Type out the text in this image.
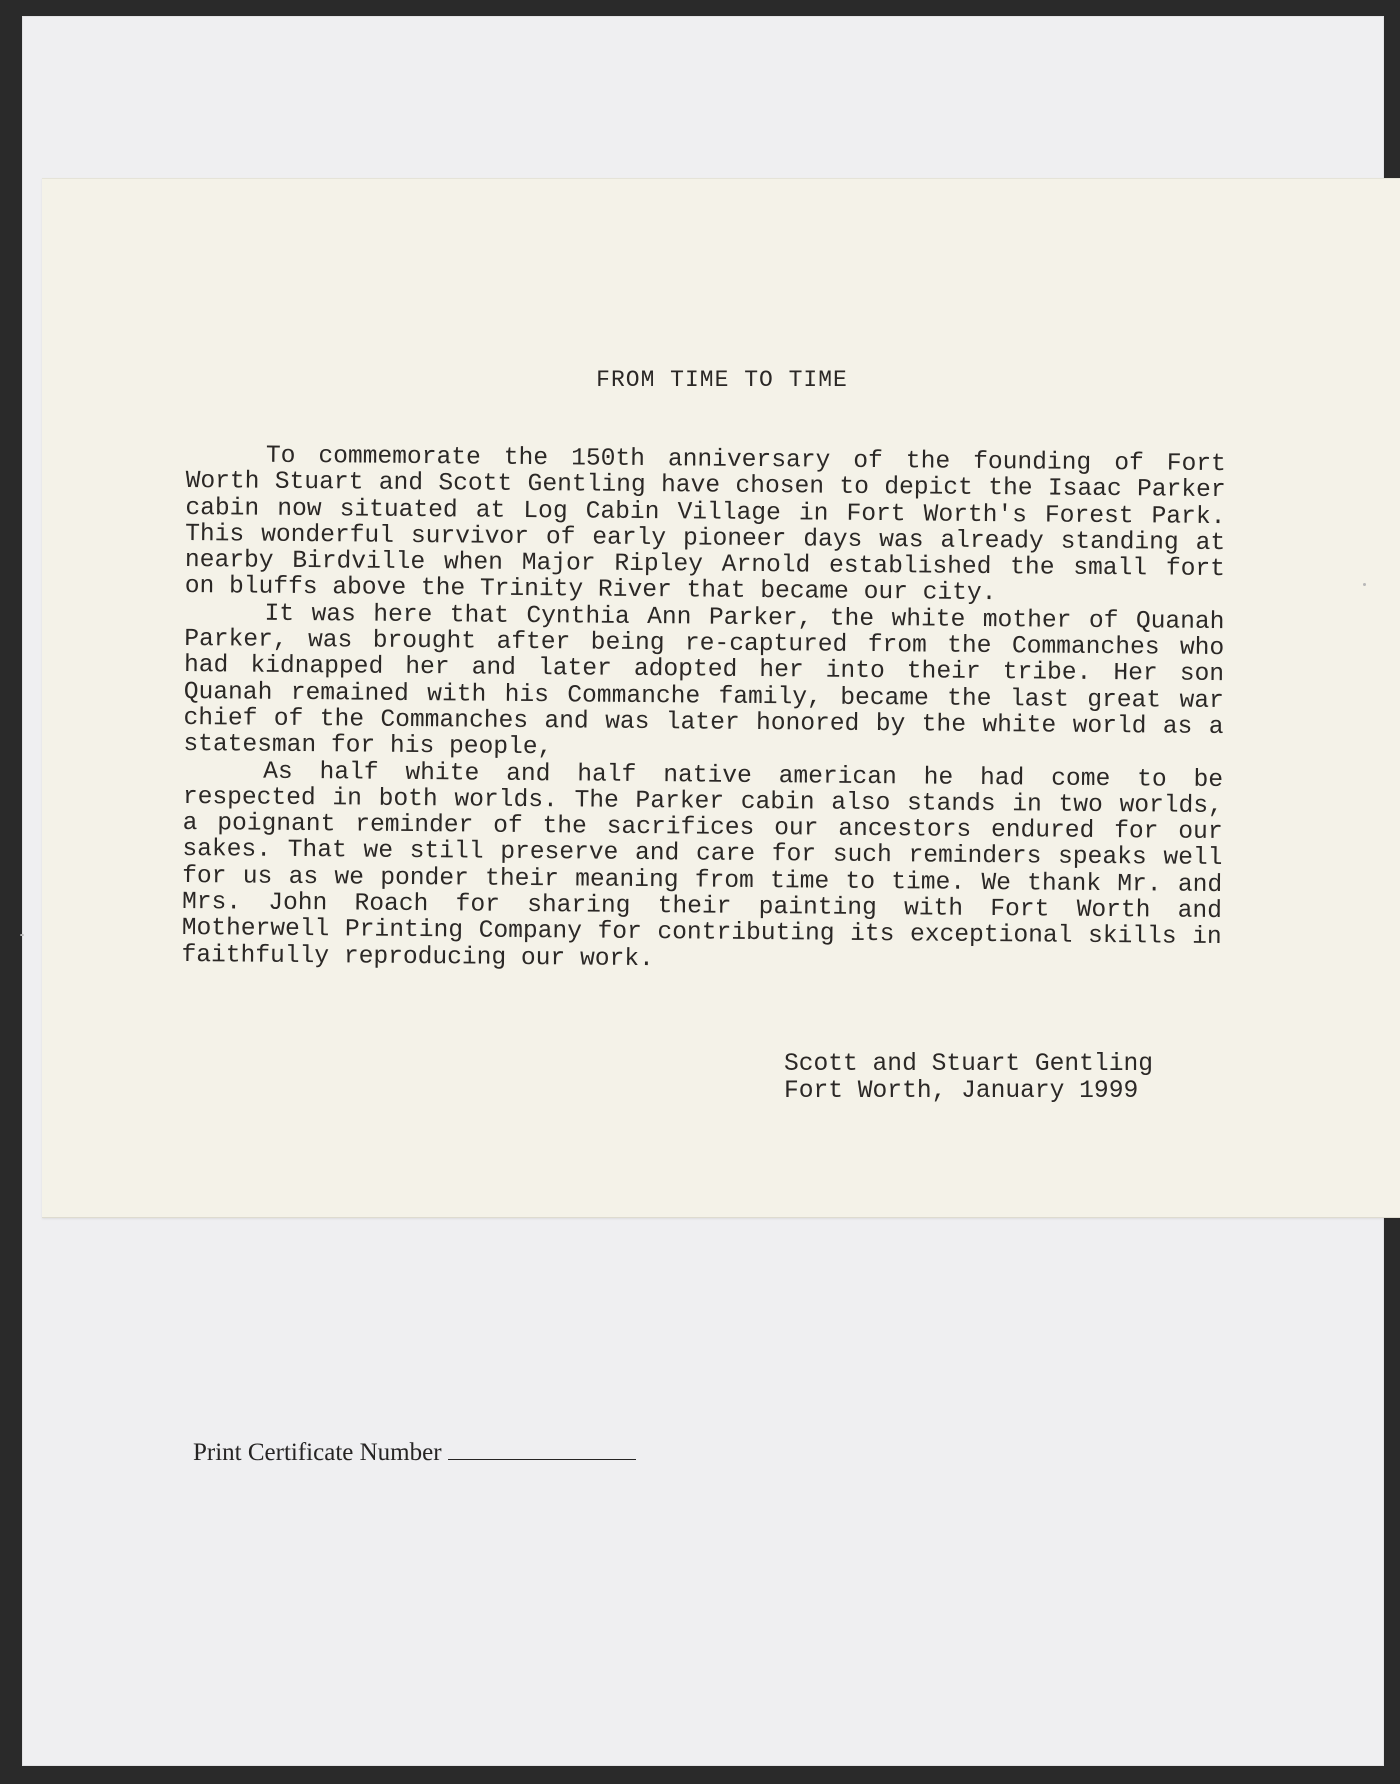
FROM TIME TO TIME

To commemorate the 150th anniversary of the founding of Fort Worth Stuart and Scott Gentling have chosen to depict the Isaac Parker cabin now situated at Log Cabin Village in Fort Worth's Forest Park. This wonderful survivor of early pioneer days was already standing at nearby Birdville when Major Ripley Arnold established the small fort on bluffs above the Trinity River that became our city.

It was here that Cynthia Ann Parker, the white mother of Quanah Parker, was brought after being re-captured from the Commanches who had kidnapped her and later adopted her into their tribe. Her son Quanah remained with his Commanche family, became the last great war chief of the Commanches and was later honored by the white world as a statesman for his people,

As half white and half native american he had come to be respected in both worlds. The Parker cabin also stands in two worlds, a poignant reminder of the sacrifices our ancestors endured for our sakes. That we still preserve and care for such reminders speaks well for us as we ponder their meaning from time to time. We thank Mr. and Mrs. John Roach for sharing their painting with Fort Worth and Motherwell Printing Company for contributing its exceptional skills in faithfully reproducing our work.

Scott and Stuart Gentling
Fort Worth, January 1999
Print Certificate Number
